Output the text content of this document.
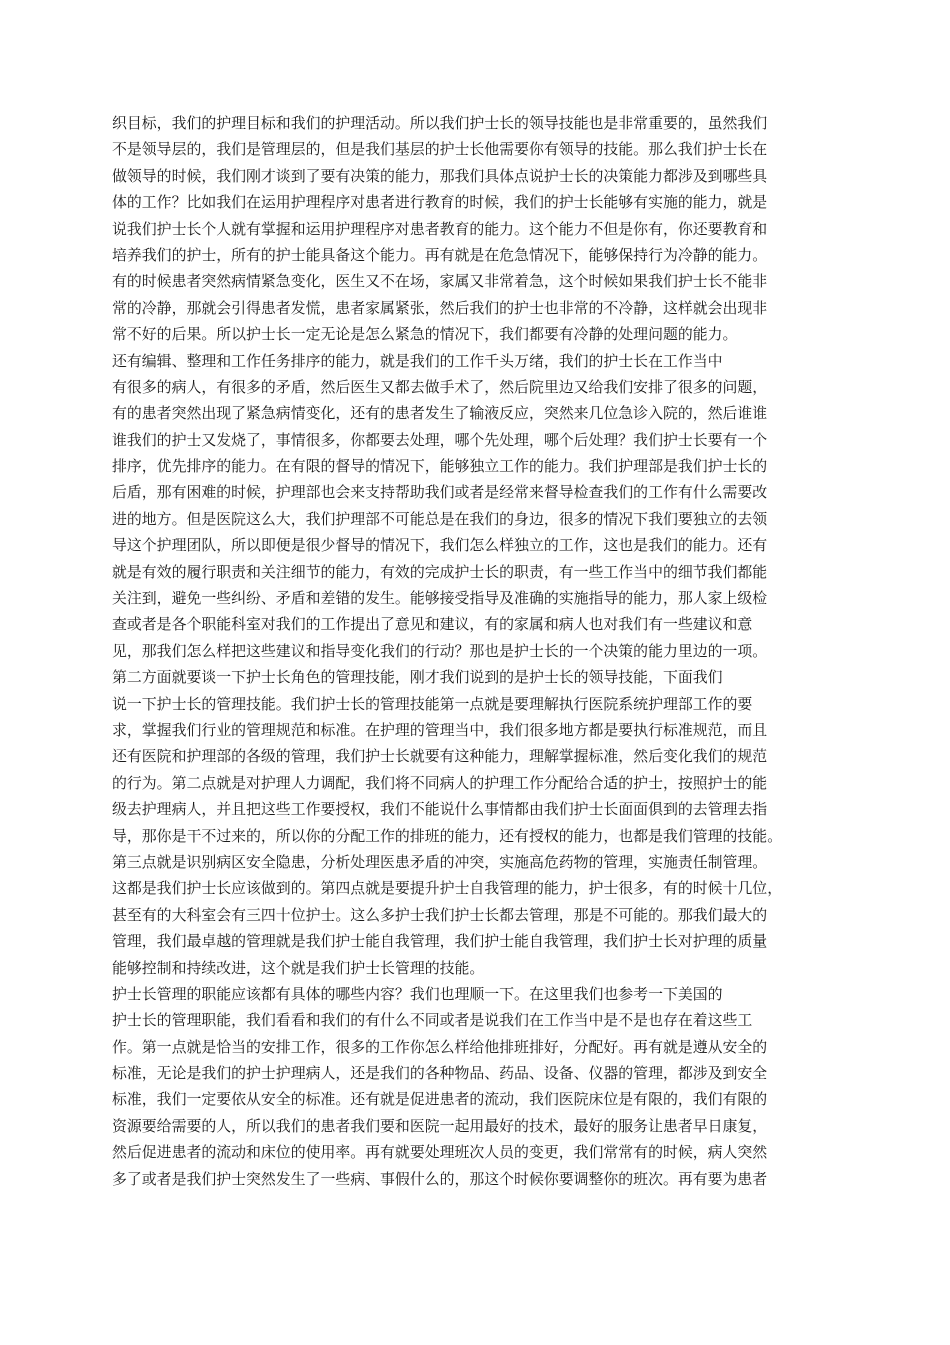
织目标，我们的护理目标和我们的护理活动。所以我们护士长的领导技能也是非常重要的，虽然我们
不是领导层的，我们是管理层的，但是我们基层的护士长他需要你有领导的技能。那么我们护士长在
做领导的时候，我们刚才谈到了要有决策的能力，那我们具体点说护士长的决策能力都涉及到哪些具
体的工作？比如我们在运用护理程序对患者进行教育的时候，我们的护士长能够有实施的能力，就是
说我们护士长个人就有掌握和运用护理程序对患者教育的能力。这个能力不但是你有，你还要教育和
培养我们的护士，所有的护士能具备这个能力。再有就是在危急情况下，能够保持行为冷静的能力。
有的时候患者突然病情紧急变化，医生又不在场，家属又非常着急，这个时候如果我们护士长不能非
常的冷静，那就会引得患者发慌，患者家属紧张，然后我们的护士也非常的不冷静，这样就会出现非
常不好的后果。所以护士长一定无论是怎么紧急的情况下，我们都要有冷静的处理问题的能力。
还有编辑、整理和工作任务排序的能力，就是我们的工作千头万绪，我们的护士长在工作当中
有很多的病人，有很多的矛盾，然后医生又都去做手术了，然后院里边又给我们安排了很多的问题，
有的患者突然出现了紧急病情变化，还有的患者发生了输液反应，突然来几位急诊入院的，然后谁谁
谁我们的护士又发烧了，事情很多，你都要去处理，哪个先处理，哪个后处理？我们护士长要有一个
排序，优先排序的能力。在有限的督导的情况下，能够独立工作的能力。我们护理部是我们护士长的
后盾，那有困难的时候，护理部也会来支持帮助我们或者是经常来督导检查我们的工作有什么需要改
进的地方。但是医院这么大，我们护理部不可能总是在我们的身边，很多的情况下我们要独立的去领
导这个护理团队，所以即便是很少督导的情况下，我们怎么样独立的工作，这也是我们的能力。还有
就是有效的履行职责和关注细节的能力，有效的完成护士长的职责，有一些工作当中的细节我们都能
关注到，避免一些纠纷、矛盾和差错的发生。能够接受指导及准确的实施指导的能力，那人家上级检
查或者是各个职能科室对我们的工作提出了意见和建议，有的家属和病人也对我们有一些建议和意
见，那我们怎么样把这些建议和指导变化我们的行动？那也是护士长的一个决策的能力里边的一项。
第二方面就要谈一下护士长角色的管理技能，刚才我们说到的是护士长的领导技能，下面我们
说一下护士长的管理技能。我们护士长的管理技能第一点就是要理解执行医院系统护理部工作的要
求，掌握我们行业的管理规范和标准。在护理的管理当中，我们很多地方都是要执行标准规范，而且
还有医院和护理部的各级的管理，我们护士长就要有这种能力，理解掌握标准，然后变化我们的规范
的行为。第二点就是对护理人力调配，我们将不同病人的护理工作分配给合适的护士，按照护士的能
级去护理病人，并且把这些工作要授权，我们不能说什么事情都由我们护士长面面俱到的去管理去指
导，那你是干不过来的，所以你的分配工作的排班的能力，还有授权的能力，也都是我们管理的技能。
第三点就是识别病区安全隐患，分析处理医患矛盾的冲突，实施高危药物的管理，实施责任制管理。
这都是我们护士长应该做到的。第四点就是要提升护士自我管理的能力，护士很多，有的时候十几位，
甚至有的大科室会有三四十位护士。这么多护士我们护士长都去管理，那是不可能的。那我们最大的
管理，我们最卓越的管理就是我们护士能自我管理，我们护士能自我管理，我们护士长对护理的质量
能够控制和持续改进，这个就是我们护士长管理的技能。
护士长管理的职能应该都有具体的哪些内容？我们也理顺一下。在这里我们也参考一下美国的
护士长的管理职能，我们看看和我们的有什么不同或者是说我们在工作当中是不是也存在着这些工
作。第一点就是恰当的安排工作，很多的工作你怎么样给他排班排好，分配好。再有就是遵从安全的
标准，无论是我们的护士护理病人，还是我们的各种物品、药品、设备、仪器的管理，都涉及到安全
标准，我们一定要依从安全的标准。还有就是促进患者的流动，我们医院床位是有限的，我们有限的
资源要给需要的人，所以我们的患者我们要和医院一起用最好的技术，最好的服务让患者早日康复，
然后促进患者的流动和床位的使用率。再有就要处理班次人员的变更，我们常常有的时候，病人突然
多了或者是我们护士突然发生了一些病、事假什么的，那这个时候你要调整你的班次。再有要为患者
